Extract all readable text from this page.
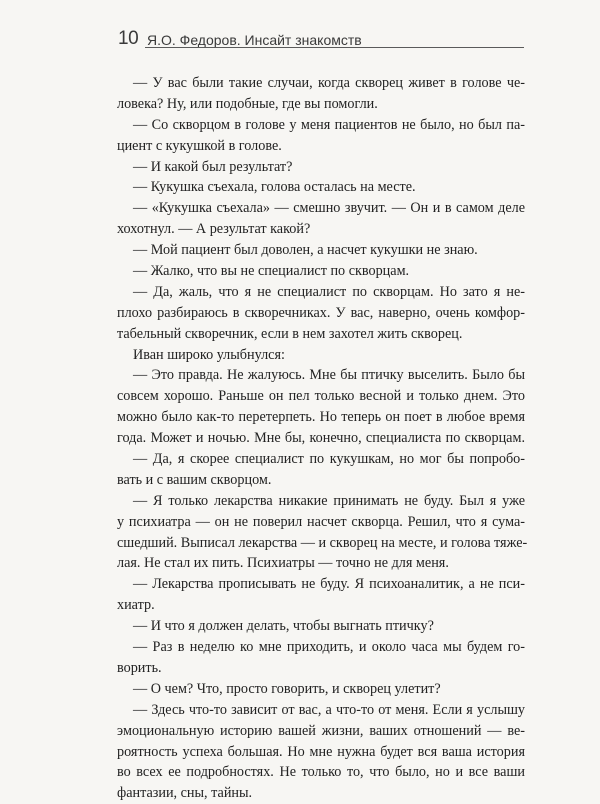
10 Я.О. Федоров. Инсайт знакомств
— У вас были такие случаи, когда скворец живет в голове че-
ловека? Ну, или подобные, где вы помогли.
— Со скворцом в голове у меня пациентов не было, но был па-
циент с кукушкой в голове.
— И какой был результат?
— Кукушка съехала, голова осталась на месте.
— «Кукушка съехала» — смешно звучит. — Он и в самом деле
хохотнул. — А результат какой?
— Мой пациент был доволен, а насчет кукушки не знаю.
— Жалко, что вы не специалист по скворцам.
— Да, жаль, что я не специалист по скворцам. Но зато я не-
плохо разбираюсь в скворечниках. У вас, наверно, очень комфор-
табельный скворечник, если в нем захотел жить скворец.
Иван широко улыбнулся:
— Это правда. Не жалуюсь. Мне бы птичку выселить. Было бы
совсем хорошо. Раньше он пел только весной и только днем. Это
можно было как-то перетерпеть. Но теперь он поет в любое время
года. Может и ночью. Мне бы, конечно, специалиста по скворцам.
— Да, я скорее специалист по кукушкам, но мог бы попробо-
вать и с вашим скворцом.
— Я только лекарства никакие принимать не буду. Был я уже
у психиатра — он не поверил насчет скворца. Решил, что я сума-
сшедший. Выписал лекарства — и скворец на месте, и голова тяже-
лая. Не стал их пить. Психиатры — точно не для меня.
— Лекарства прописывать не буду. Я психоаналитик, а не пси-
хиатр.
— И что я должен делать, чтобы выгнать птичку?
— Раз в неделю ко мне приходить, и около часа мы будем го-
ворить.
— О чем? Что, просто говорить, и скворец улетит?
— Здесь что-то зависит от вас, а что-то от меня. Если я услышу
эмоциональную историю вашей жизни, ваших отношений — ве-
роятность успеха большая. Но мне нужна будет вся ваша история
во всех ее подробностях. Не только то, что было, но и все ваши
фантазии, сны, тайны.
